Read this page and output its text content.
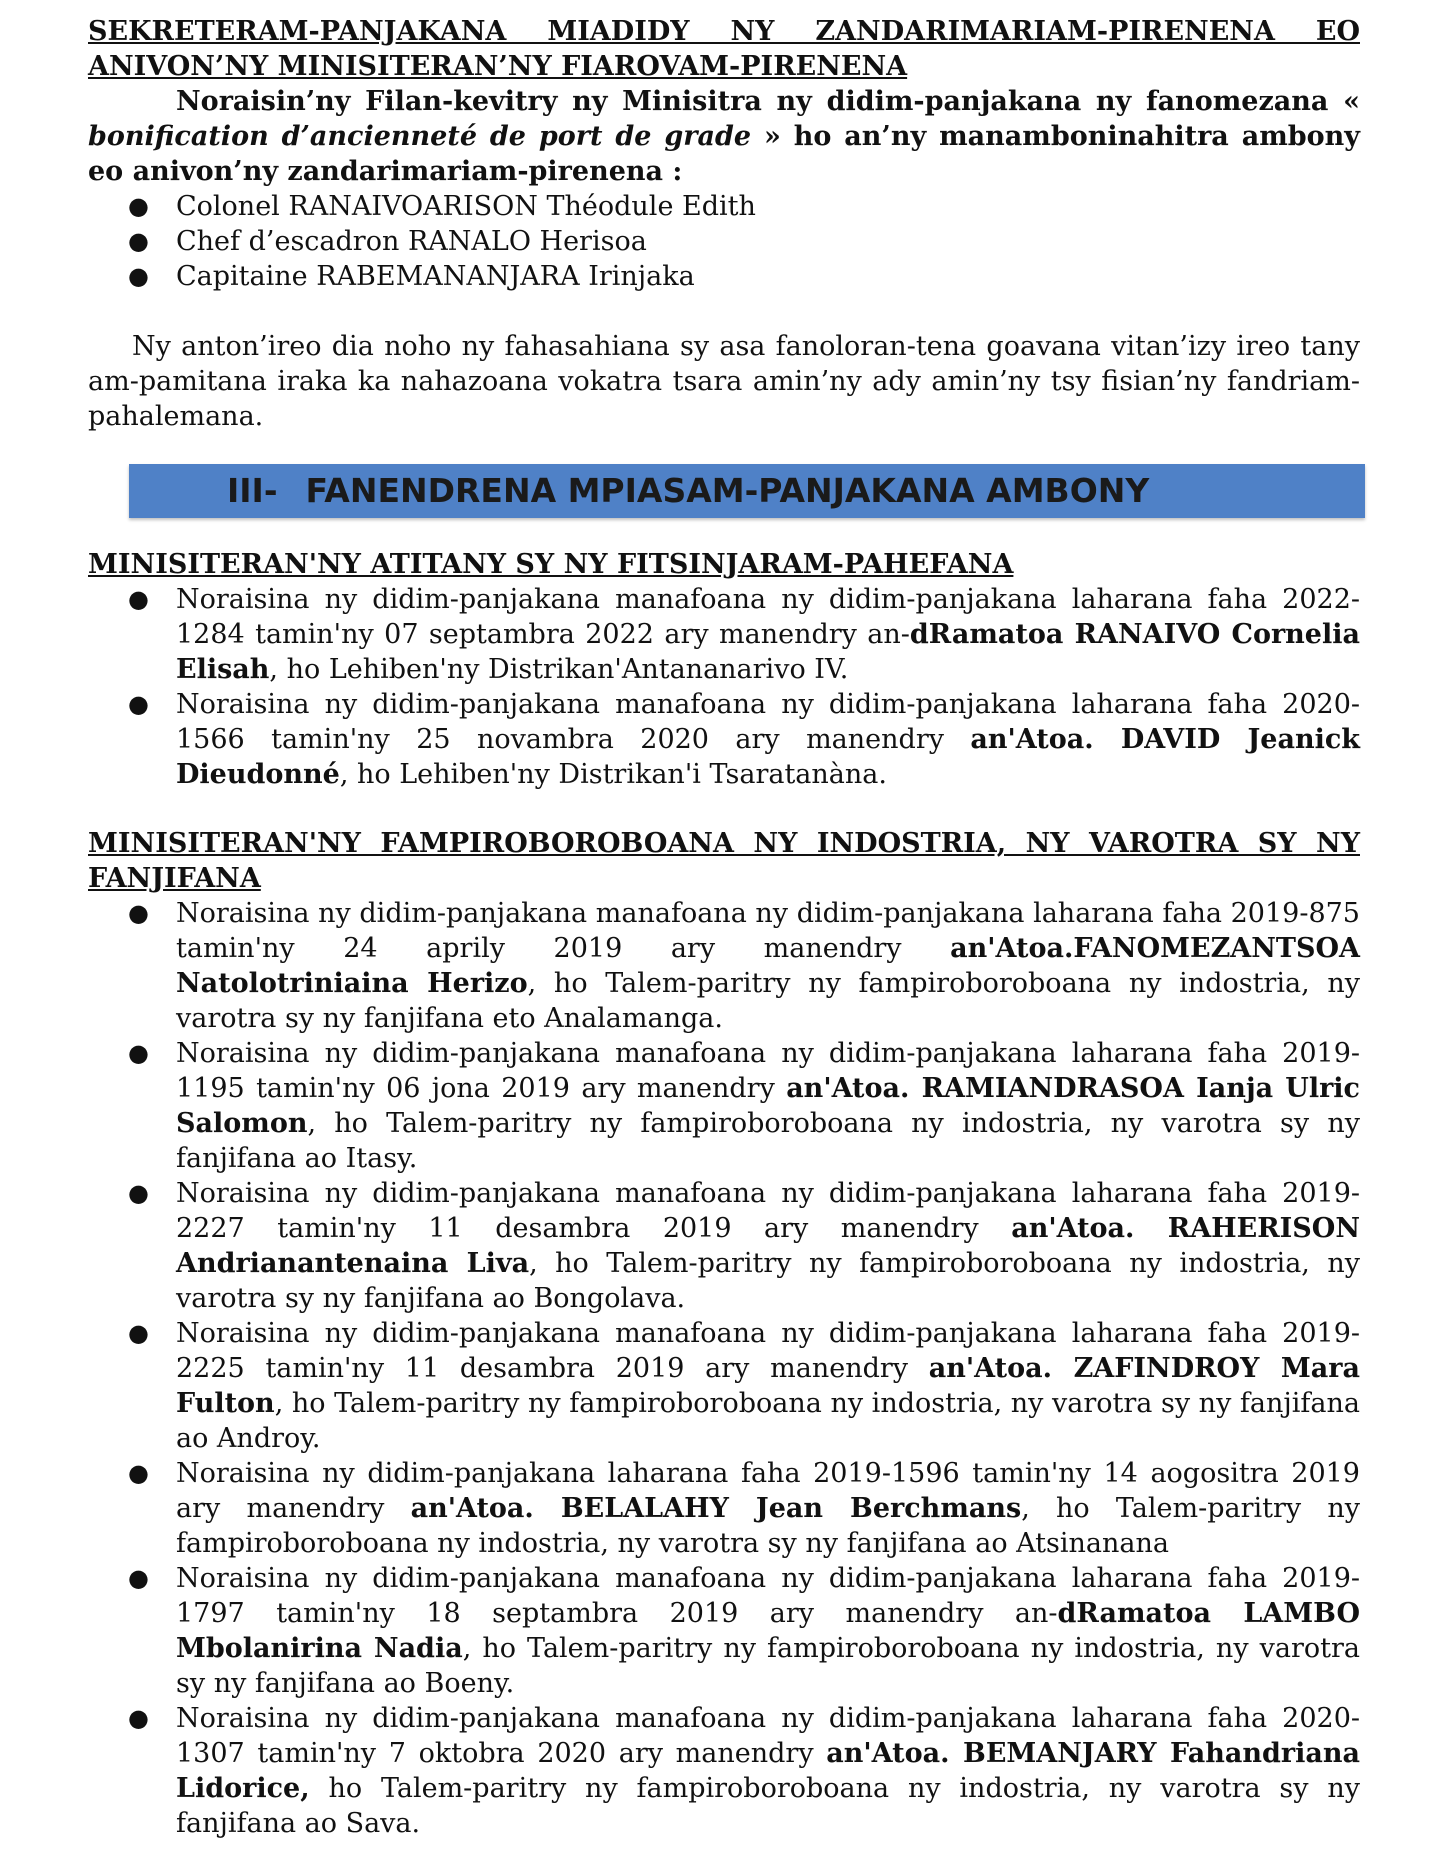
SEKRETERAM-PANJAKANA MIADIDY NY ZANDARIMARIAM-PIRENENA EO ANIVON’NY MINISITERAN’NY FIAROVAM-PIRENENA

Noraisin’ny Filan-kevitry ny Minisitra ny didim-panjakana ny fanomezana « bonification d’ancienneté de port de grade » ho an’ny manamboninahitra ambony eo anivon’ny zandarimariam-pirenena :

● Colonel RANAIVOARISON Théodule Edith
● Chef d’escadron RANALO Herisoa
● Capitaine RABEMANANJARA Irinjaka

Ny anton’ireo dia noho ny fahasahiana sy asa fanoloran-tena goavana vitan’izy ireo tany am-pamitana iraka ka nahazoana vokatra tsara amin’ny ady amin’ny tsy fisian’ny fandriam-pahalemana.

III- FANENDRENA MPIASAM-PANJAKANA AMBONY

MINISITERAN'NY ATITANY SY NY FITSINJARAM-PAHEFANA

● Noraisina ny didim-panjakana manafoana ny didim-panjakana laharana faha 2022-1284 tamin'ny 07 septambra 2022 ary manendry an-dRamatoa RANAIVO Cornelia Elisah, ho Lehiben'ny Distrikan'Antananarivo IV.
● Noraisina ny didim-panjakana manafoana ny didim-panjakana laharana faha 2020-1566 tamin'ny 25 novambra 2020 ary manendry an'Atoa. DAVID Jeanick Dieudonné, ho Lehiben'ny Distrikan'i Tsaratanàna.

MINISITERAN'NY FAMPIROBOROBOANA NY INDOSTRIA, NY VAROTRA SY NY FANJIFANA

● Noraisina ny didim-panjakana manafoana ny didim-panjakana laharana faha 2019-875 tamin'ny 24 aprily 2019 ary manendry an'Atoa.FANOMEZANTSOA Natolotriniaina Herizo, ho Talem-paritry ny fampiroboroboana ny indostria, ny varotra sy ny fanjifana eto Analamanga.
● Noraisina ny didim-panjakana manafoana ny didim-panjakana laharana faha 2019-1195 tamin'ny 06 jona 2019 ary manendry an'Atoa. RAMIANDRASOA Ianja Ulric Salomon, ho Talem-paritry ny fampiroboroboana ny indostria, ny varotra sy ny fanjifana ao Itasy.
● Noraisina ny didim-panjakana manafoana ny didim-panjakana laharana faha 2019-2227 tamin'ny 11 desambra 2019 ary manendry an'Atoa. RAHERISON Andrianantenaina Liva, ho Talem-paritry ny fampiroboroboana ny indostria, ny varotra sy ny fanjifana ao Bongolava.
● Noraisina ny didim-panjakana manafoana ny didim-panjakana laharana faha 2019-2225 tamin'ny 11 desambra 2019 ary manendry an'Atoa. ZAFINDROY Mara Fulton, ho Talem-paritry ny fampiroboroboana ny indostria, ny varotra sy ny fanjifana ao Androy.
● Noraisina ny didim-panjakana laharana faha 2019-1596 tamin'ny 14 aogositra 2019 ary manendry an'Atoa. BELALAHY Jean Berchmans, ho Talem-paritry ny fampiroboroboana ny indostria, ny varotra sy ny fanjifana ao Atsinanana
● Noraisina ny didim-panjakana manafoana ny didim-panjakana laharana faha 2019-1797 tamin'ny 18 septambra 2019 ary manendry an-dRamatoa LAMBO Mbolanirina Nadia, ho Talem-paritry ny fampiroboroboana ny indostria, ny varotra sy ny fanjifana ao Boeny.
● Noraisina ny didim-panjakana manafoana ny didim-panjakana laharana faha 2020-1307 tamin'ny 7 oktobra 2020 ary manendry an'Atoa. BEMANJARY Fahandriana Lidorice, ho Talem-paritry ny fampiroboroboana ny indostria, ny varotra sy ny fanjifana ao Sava.
